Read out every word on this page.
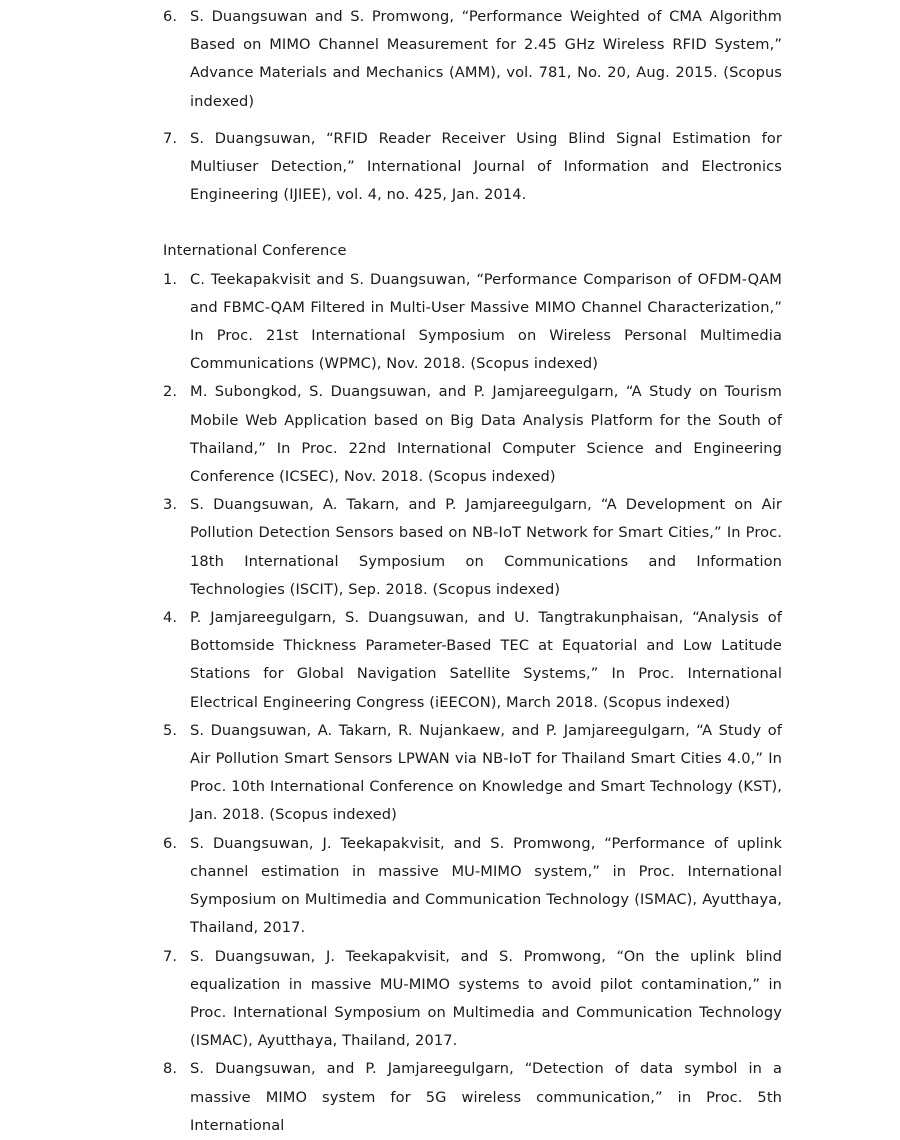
6. S. Duangsuwan and S. Promwong, “Performance Weighted of CMA Algorithm Based on MIMO Channel Measurement for 2.45 GHz Wireless RFID System,” Advance Materials and Mechanics (AMM), vol. 781, No. 20, Aug. 2015. (Scopus indexed)
7. S. Duangsuwan, “RFID Reader Receiver Using Blind Signal Estimation for Multiuser Detection,” International Journal of Information and Electronics Engineering (IJIEE), vol. 4, no. 425, Jan. 2014.
International Conference
1. C. Teekapakvisit and S. Duangsuwan, “Performance Comparison of OFDM-QAM and FBMC-QAM Filtered in Multi-User Massive MIMO Channel Characterization,” In Proc. 21st International Symposium on Wireless Personal Multimedia Communications (WPMC), Nov. 2018. (Scopus indexed)
2. M. Subongkod, S. Duangsuwan, and P. Jamjareegulgarn, “A Study on Tourism Mobile Web Application based on Big Data Analysis Platform for the South of Thailand,” In Proc. 22nd International Computer Science and Engineering Conference (ICSEC), Nov. 2018. (Scopus indexed)
3. S. Duangsuwan, A. Takarn, and P. Jamjareegulgarn, “A Development on Air Pollution Detection Sensors based on NB-IoT Network for Smart Cities,” In Proc. 18th International Symposium on Communications and Information Technologies (ISCIT), Sep. 2018. (Scopus indexed)
4. P. Jamjareegulgarn, S. Duangsuwan, and U. Tangtrakunphaisan, “Analysis of Bottomside Thickness Parameter-Based TEC at Equatorial and Low Latitude Stations for Global Navigation Satellite Systems,” In Proc. International Electrical Engineering Congress (iEECON), March 2018. (Scopus indexed)
5. S. Duangsuwan, A. Takarn, R. Nujankaew, and P. Jamjareegulgarn, “A Study of Air Pollution Smart Sensors LPWAN via NB-IoT for Thailand Smart Cities 4.0,” In Proc. 10th International Conference on Knowledge and Smart Technology (KST), Jan. 2018. (Scopus indexed)
6. S. Duangsuwan, J. Teekapakvisit, and S. Promwong, “Performance of uplink channel estimation in massive MU-MIMO system,” in Proc. International Symposium on Multimedia and Communication Technology (ISMAC), Ayutthaya, Thailand, 2017.
7. S. Duangsuwan, J. Teekapakvisit, and S. Promwong, “On the uplink blind equalization in massive MU-MIMO systems to avoid pilot contamination,” in Proc. International Symposium on Multimedia and Communication Technology (ISMAC), Ayutthaya, Thailand, 2017.
8. S. Duangsuwan, and P. Jamjareegulgarn, “Detection of data symbol in a massive MIMO system for 5G wireless communication,” in Proc. 5th International
